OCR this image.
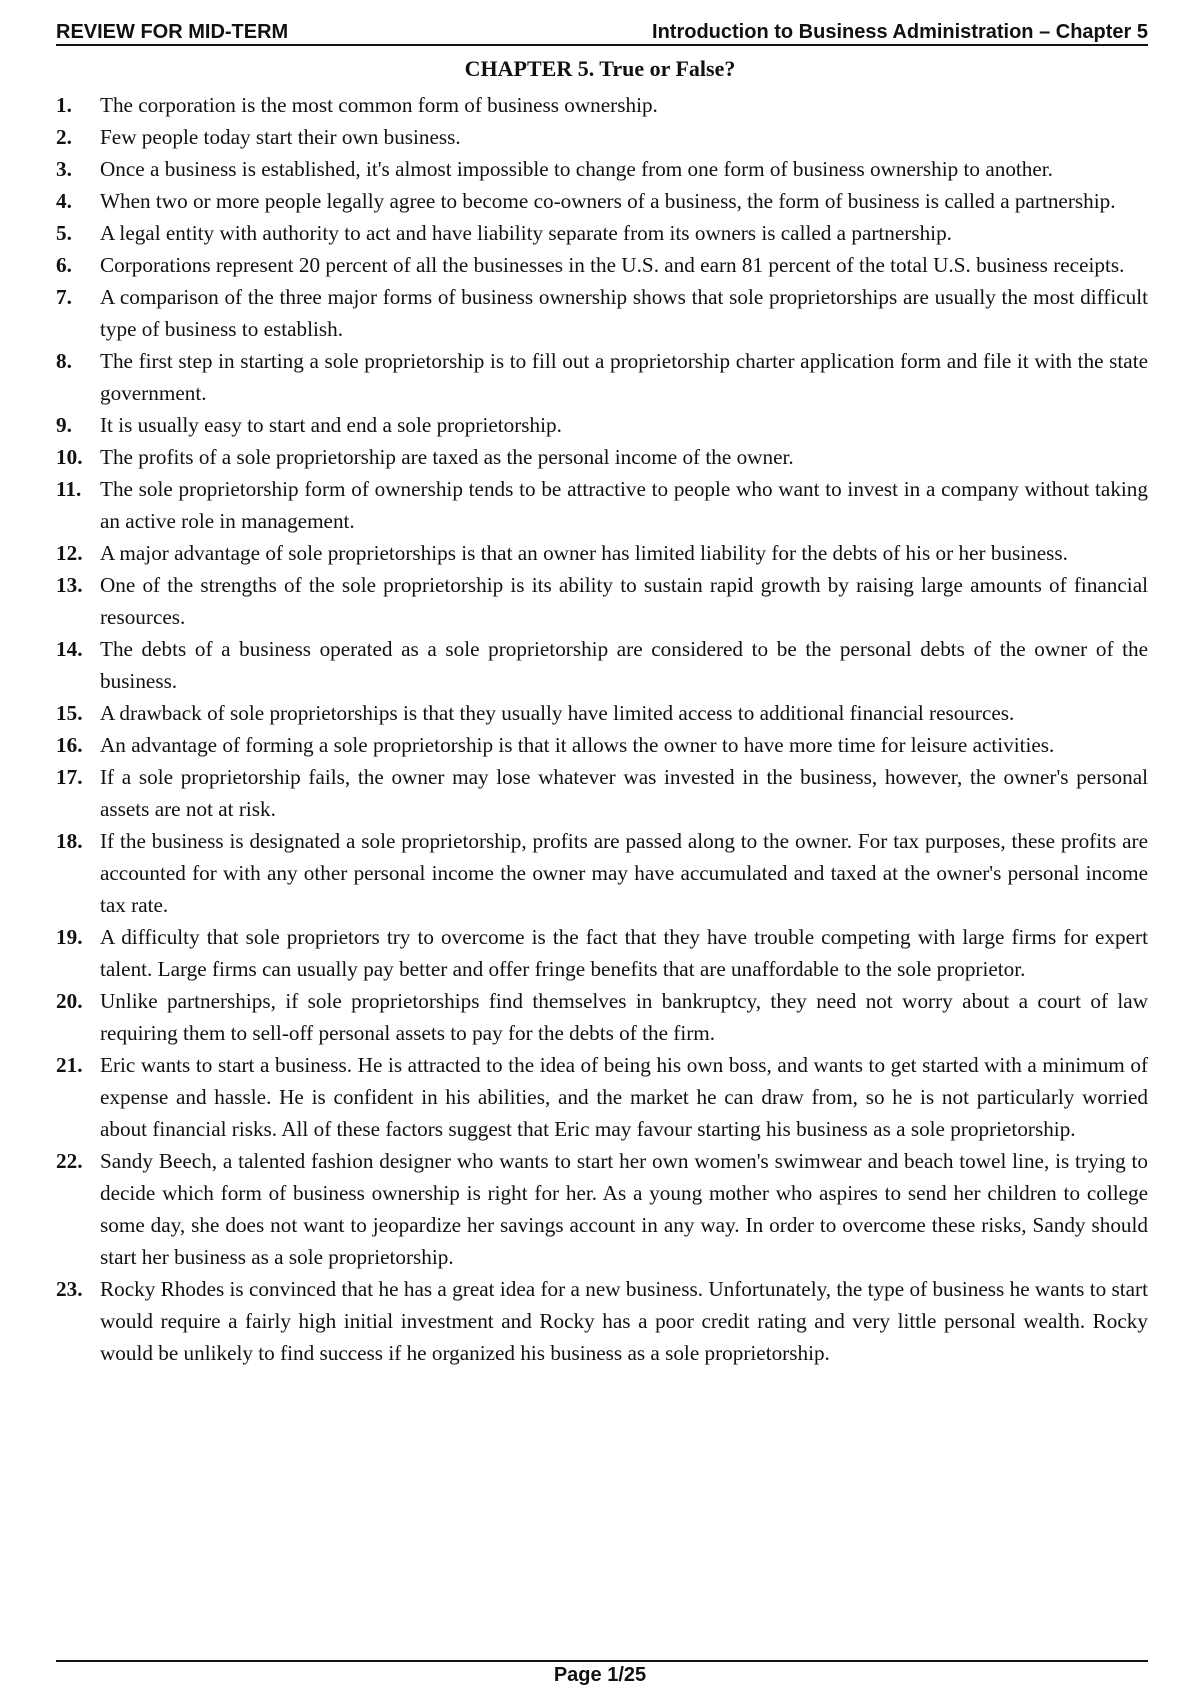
REVIEW FOR MID-TERM	Introduction to Business Administration – Chapter 5
CHAPTER 5. True or False?
1.	The corporation is the most common form of business ownership.
2.	Few people today start their own business.
3.	Once a business is established, it's almost impossible to change from one form of business ownership to another.
4.	When two or more people legally agree to become co-owners of a business, the form of business is called a partnership.
5.	A legal entity with authority to act and have liability separate from its owners is called a partnership.
6.	Corporations represent 20 percent of all the businesses in the U.S. and earn 81 percent of the total U.S. business receipts.
7.	A comparison of the three major forms of business ownership shows that sole proprietorships are usually the most difficult type of business to establish.
8.	The first step in starting a sole proprietorship is to fill out a proprietorship charter application form and file it with the state government.
9.	It is usually easy to start and end a sole proprietorship.
10. The profits of a sole proprietorship are taxed as the personal income of the owner.
11. The sole proprietorship form of ownership tends to be attractive to people who want to invest in a company without taking an active role in management.
12. A major advantage of sole proprietorships is that an owner has limited liability for the debts of his or her business.
13. One of the strengths of the sole proprietorship is its ability to sustain rapid growth by raising large amounts of financial resources.
14. The debts of a business operated as a sole proprietorship are considered to be the personal debts of the owner of the business.
15. A drawback of sole proprietorships is that they usually have limited access to additional financial resources.
16. An advantage of forming a sole proprietorship is that it allows the owner to have more time for leisure activities.
17. If a sole proprietorship fails, the owner may lose whatever was invested in the business, however, the owner's personal assets are not at risk.
18. If the business is designated a sole proprietorship, profits are passed along to the owner. For tax purposes, these profits are accounted for with any other personal income the owner may have accumulated and taxed at the owner's personal income tax rate.
19. A difficulty that sole proprietors try to overcome is the fact that they have trouble competing with large firms for expert talent. Large firms can usually pay better and offer fringe benefits that are unaffordable to the sole proprietor.
20. Unlike partnerships, if sole proprietorships find themselves in bankruptcy, they need not worry about a court of law requiring them to sell-off personal assets to pay for the debts of the firm.
21. Eric wants to start a business. He is attracted to the idea of being his own boss, and wants to get started with a minimum of expense and hassle. He is confident in his abilities, and the market he can draw from, so he is not particularly worried about financial risks. All of these factors suggest that Eric may favour starting his business as a sole proprietorship.
22. Sandy Beech, a talented fashion designer who wants to start her own women's swimwear and beach towel line, is trying to decide which form of business ownership is right for her. As a young mother who aspires to send her children to college some day, she does not want to jeopardize her savings account in any way. In order to overcome these risks, Sandy should start her business as a sole proprietorship.
23. Rocky Rhodes is convinced that he has a great idea for a new business. Unfortunately, the type of business he wants to start would require a fairly high initial investment and Rocky has a poor credit rating and very little personal wealth. Rocky would be unlikely to find success if he organized his business as a sole proprietorship.
Page 1/25
